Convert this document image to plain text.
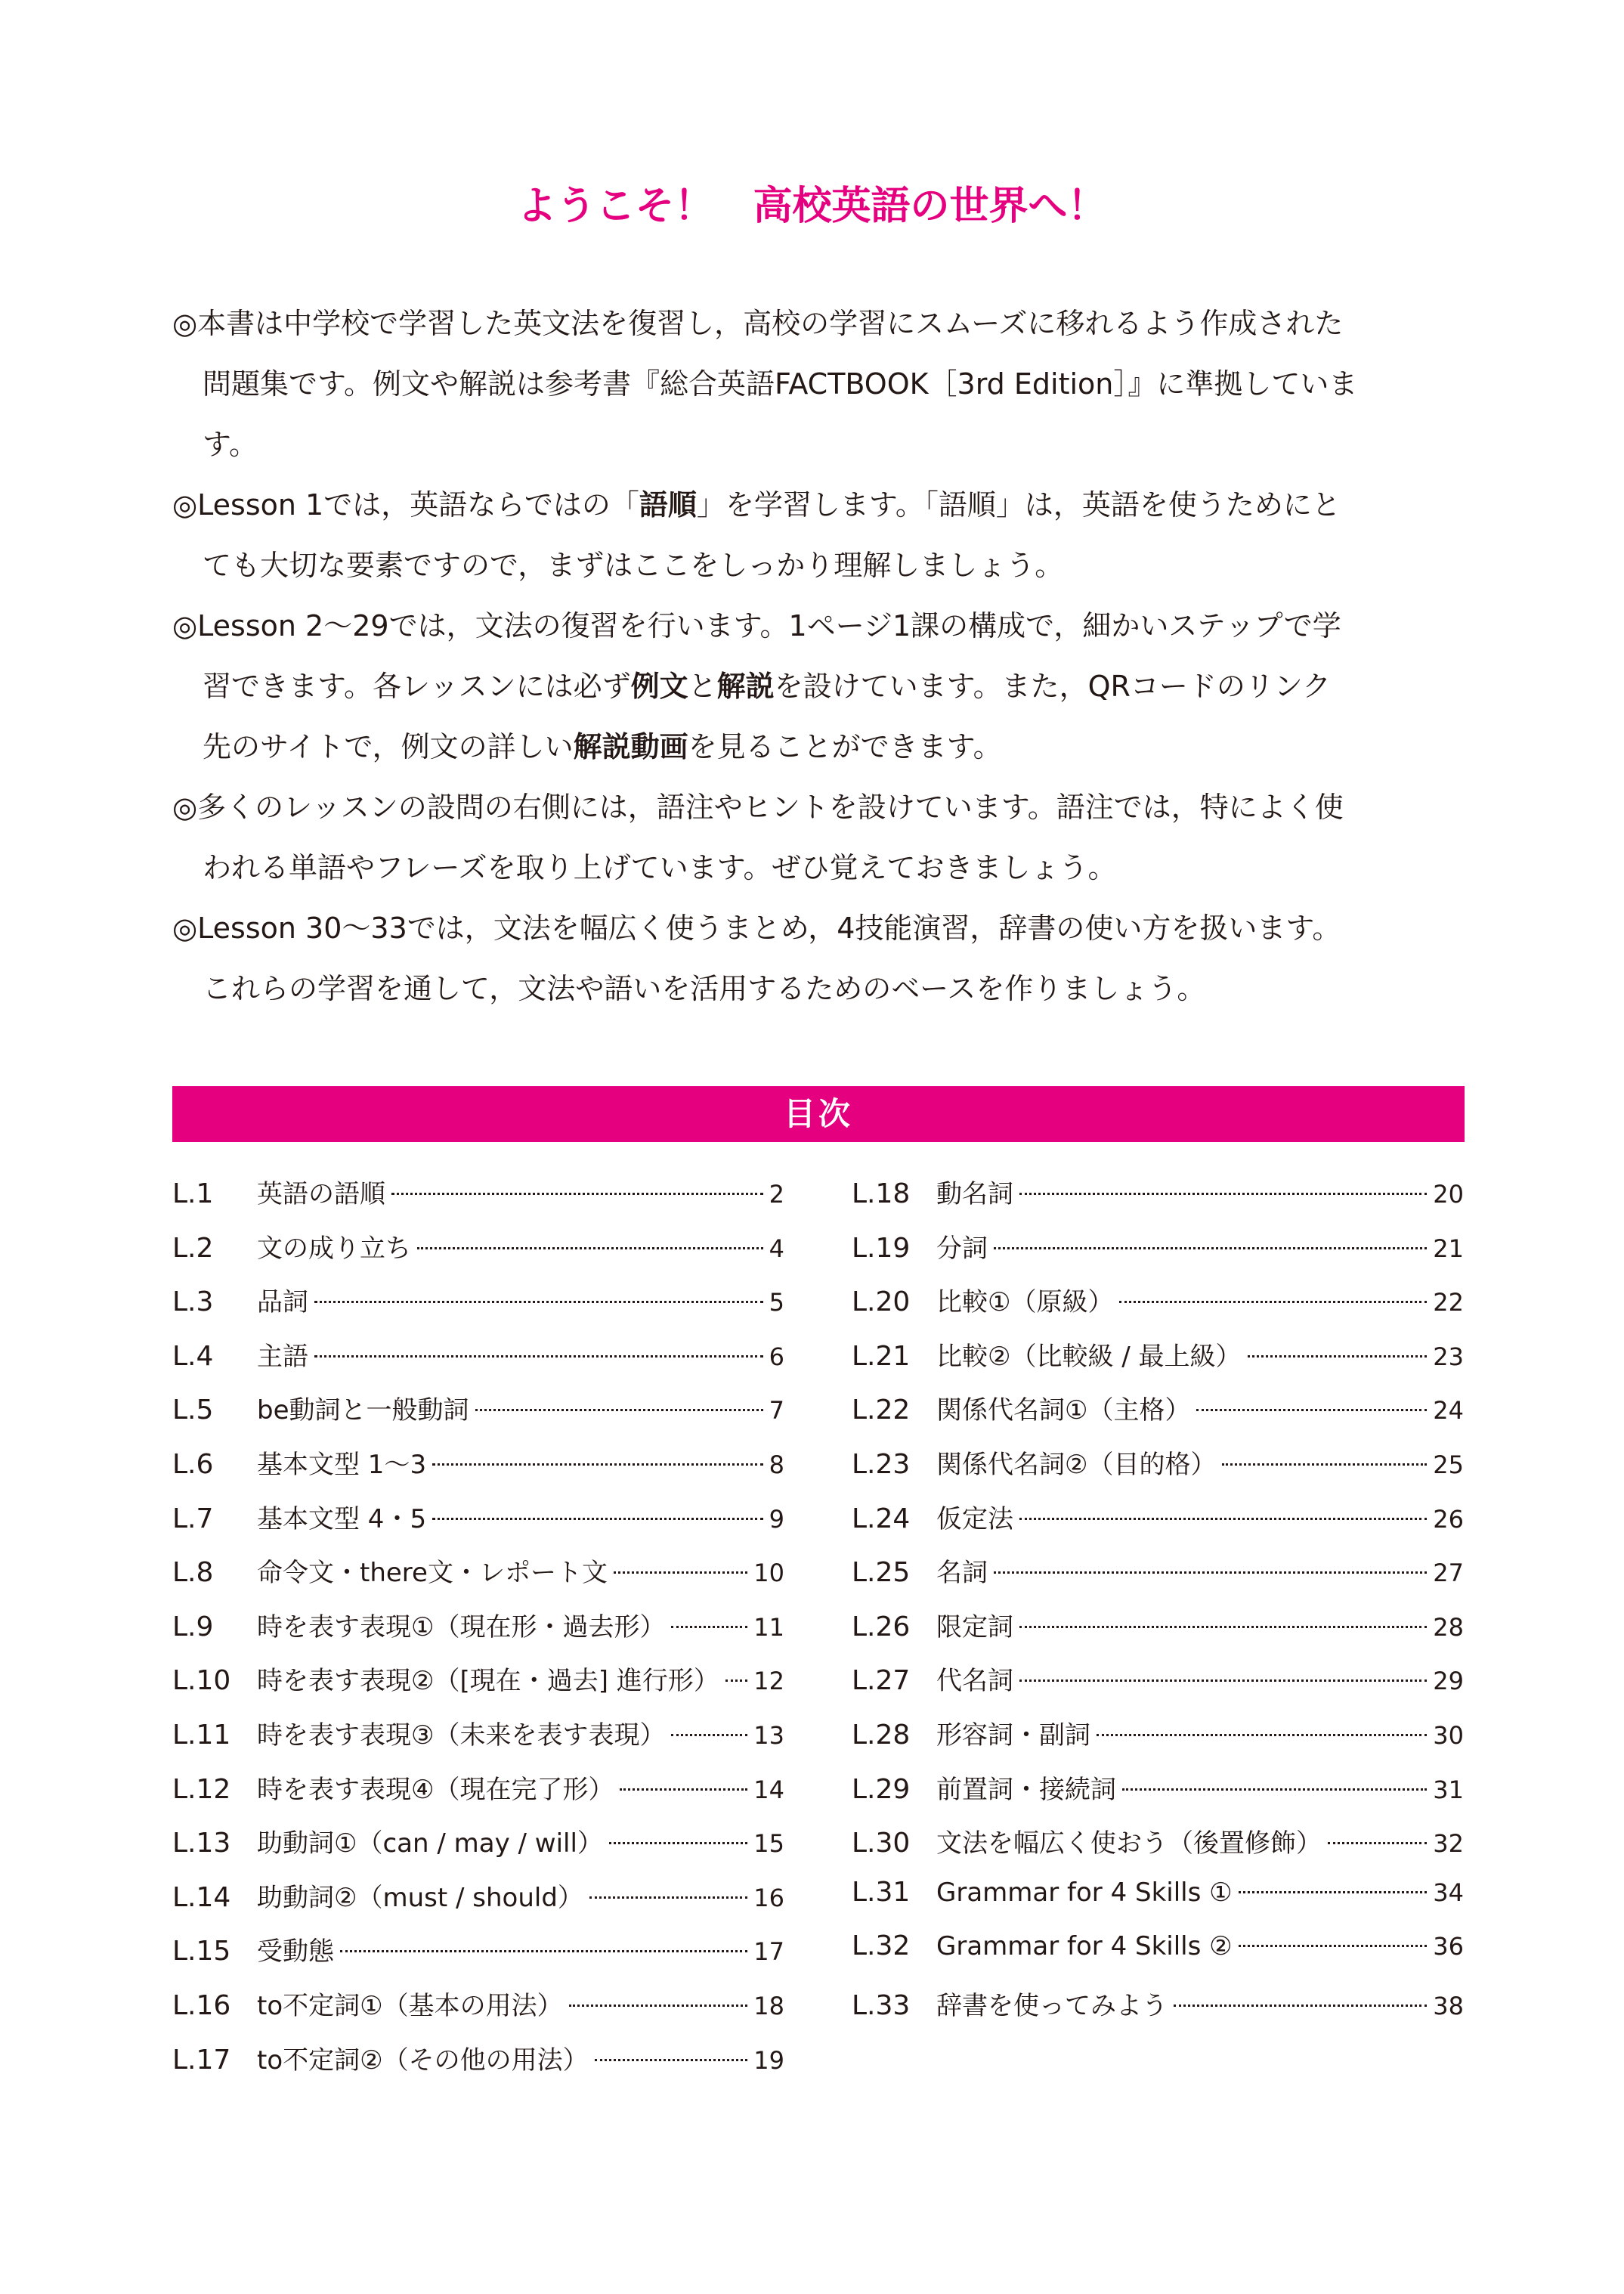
ようこそ！　高校英語の世界へ！

◎本書は中学校で学習した英文法を復習し，高校の学習にスムーズに移れるよう作成された
問題集です。例文や解説は参考書『総合英語FACTBOOK［3rd Edition］』に準拠していま
す。

◎Lesson 1では，英語ならではの「語順」を学習します。「語順」は，英語を使うためにと
ても大切な要素ですので，まずはここをしっかり理解しましょう。

◎Lesson 2〜29では，文法の復習を行います。1ページ1課の構成で，細かいステップで学
習できます。各レッスンには必ず例文と解説を設けています。また，QRコードのリンク
先のサイトで，例文の詳しい解説動画を見ることができます。

◎多くのレッスンの設問の右側には，語注やヒントを設けています。語注では，特によく使
われる単語やフレーズを取り上げています。ぜひ覚えておきましょう。

◎Lesson 30〜33では，文法を幅広く使うまとめ，4技能演習，辞書の使い方を扱います。
これらの学習を通して，文法や語いを活用するためのベースを作りましょう。

目次
L.1	英語の語順	2
L.2	文の成り立ち	4
L.3	品詞	5
L.4	主語	6
L.5	be動詞と一般動詞	7
L.6	基本文型 1〜3	8
L.7	基本文型 4・5	9
L.8	命令文・there文・レポート文	10
L.9	時を表す表現①（現在形・過去形）	11
L.10	時を表す表現②（[現在・過去] 進行形） 12
L.11	時を表す表現③（未来を表す表現）	13
L.12	時を表す表現④（現在完了形）	14
L.13	助動詞①（can / may / will）	15
L.14	助動詞②（must / should）	16
L.15	受動態	17
L.16	to不定詞①（基本の用法）	18
L.17	to不定詞②（その他の用法）	19
L.18	動名詞	20
L.19	分詞	21
L.20	比較①（原級）	22
L.21	比較②（比較級 / 最上級）	23
L.22	関係代名詞①（主格）	24
L.23	関係代名詞②（目的格）	25
L.24	仮定法	26
L.25	名詞	27
L.26	限定詞	28
L.27	代名詞	29
L.28	形容詞・副詞	30
L.29	前置詞・接続詞	31
L.30	文法を幅広く使おう（後置修飾）	32
L.31	Grammar for 4 Skills ①	34
L.32	Grammar for 4 Skills ②	36
L.33	辞書を使ってみよう	38
